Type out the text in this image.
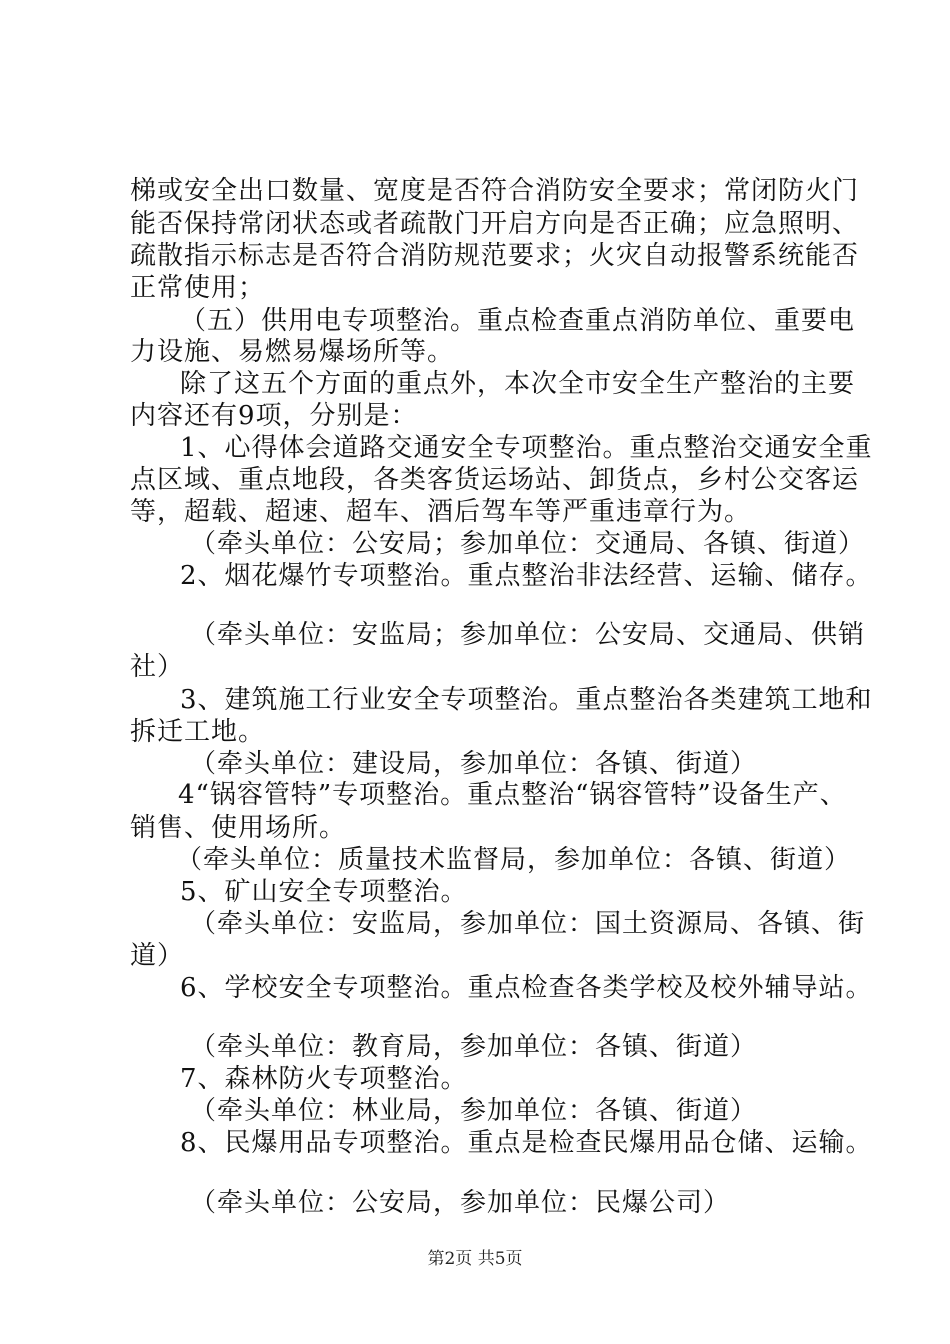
梯或安全出口数量、宽度是否符合消防安全要求；常闭防火门
能否保持常闭状态或者疏散门开启方向是否正确；应急照明、
疏散指示标志是否符合消防规范要求；火灾自动报警系统能否
正常使用；
（五）供用电专项整治。重点检查重点消防单位、重要电
力设施、易燃易爆场所等。
除了这五个方面的重点外，本次全市安全生产整治的主要
内容还有9项，分别是：
1、心得体会道路交通安全专项整治。重点整治交通安全重
点区域、重点地段，各类客货运场站、卸货点，乡村公交客运
等，超载、超速、超车、酒后驾车等严重违章行为。
（牵头单位：公安局；参加单位：交通局、各镇、街道）
2、烟花爆竹专项整治。重点整治非法经营、运输、储存。
（牵头单位：安监局；参加单位：公安局、交通局、供销
社）
3、建筑施工行业安全专项整治。重点整治各类建筑工地和
拆迁工地。
（牵头单位：建设局，参加单位：各镇、街道）
4“锅容管特”专项整治。重点整治“锅容管特”设备生产、
销售、使用场所。
（牵头单位：质量技术监督局，参加单位：各镇、街道）
5、矿山安全专项整治。
（牵头单位：安监局，参加单位：国土资源局、各镇、街
道）
6、学校安全专项整治。重点检查各类学校及校外辅导站。
（牵头单位：教育局，参加单位：各镇、街道）
7、森林防火专项整治。
（牵头单位：林业局，参加单位：各镇、街道）
8、民爆用品专项整治。重点是检查民爆用品仓储、运输。
（牵头单位：公安局，参加单位：民爆公司）
第2页 共5页
